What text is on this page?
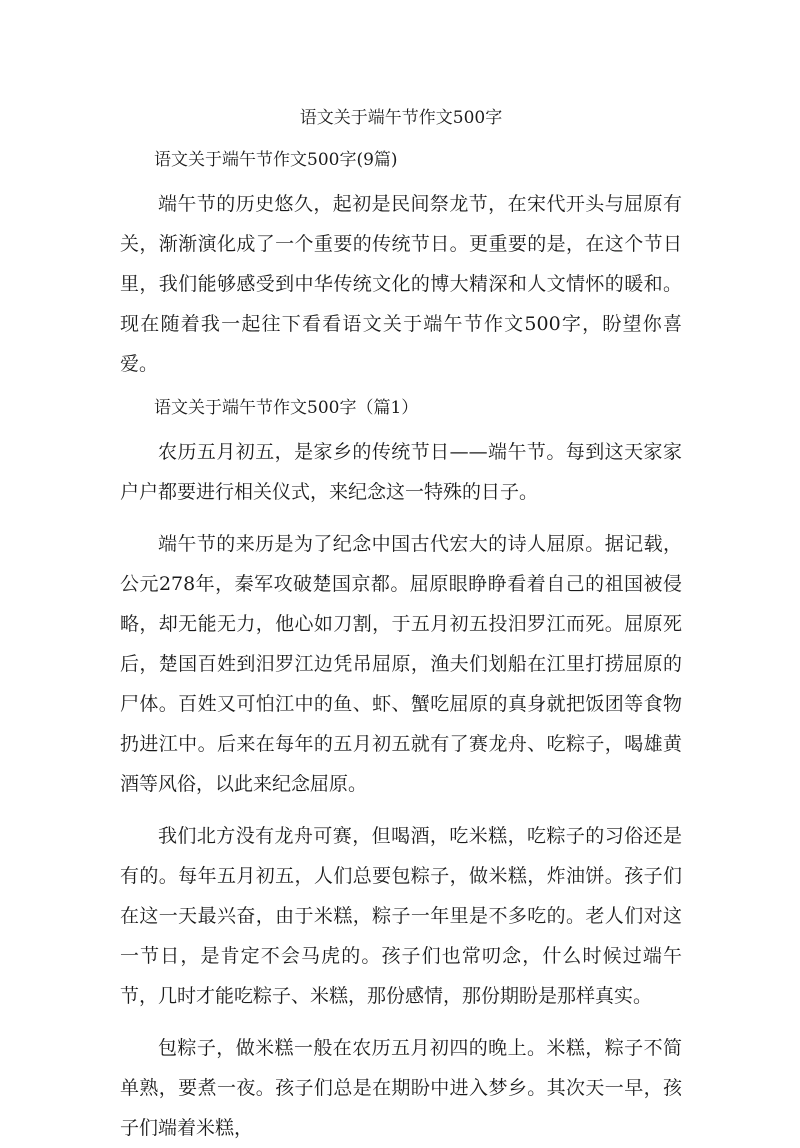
语文关于端午节作文500字

语文关于端午节作文500字(9篇)

端午节的历史悠久，起初是民间祭龙节，在宋代开头与屈原有关，渐渐演化成了一个重要的传统节日。更重要的是，在这个节日里，我们能够感受到中华传统文化的博大精深和人文情怀的暖和。现在随着我一起往下看看语文关于端午节作文500字，盼望你喜爱。

语文关于端午节作文500字（篇1）

农历五月初五，是家乡的传统节日——端午节。每到这天家家户户都要进行相关仪式，来纪念这一特殊的日子。

端午节的来历是为了纪念中国古代宏大的诗人屈原。据记载，公元278年，秦军攻破楚国京都。屈原眼睁睁看着自己的祖国被侵略，却无能无力，他心如刀割，于五月初五投汨罗江而死。屈原死后，楚国百姓到汨罗江边凭吊屈原，渔夫们划船在江里打捞屈原的尸体。百姓又可怕江中的鱼、虾、蟹吃屈原的真身就把饭团等食物扔进江中。后来在每年的五月初五就有了赛龙舟、吃粽子，喝雄黄酒等风俗，以此来纪念屈原。

我们北方没有龙舟可赛，但喝酒，吃米糕，吃粽子的习俗还是有的。每年五月初五，人们总要包粽子，做米糕，炸油饼。孩子们在这一天最兴奋，由于米糕，粽子一年里是不多吃的。老人们对这一节日，是肯定不会马虎的。孩子们也常叨念，什么时候过端午节，几时才能吃粽子、米糕，那份感情，那份期盼是那样真实。

包粽子，做米糕一般在农历五月初四的晚上。米糕，粽子不简单熟，要煮一夜。孩子们总是在期盼中进入梦乡。其次天一早，孩子们端着米糕，
